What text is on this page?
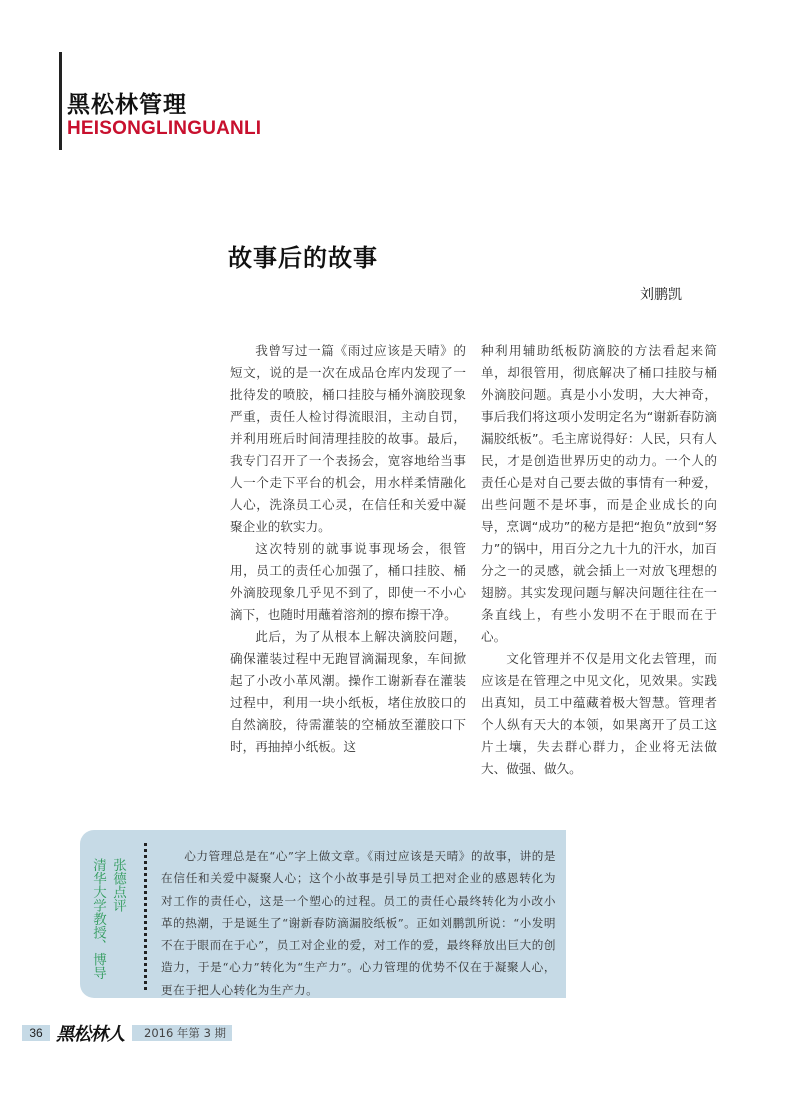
黑松林管理
HEISONGLINGUANLI
故事后的故事
刘鹏凯

我曾写过一篇《雨过应该是天晴》的短文，说的是一次在成品仓库内发现了一批待发的喷胶，桶口挂胶与桶外滴胶现象严重，责任人检讨得流眼泪，主动自罚，并利用班后时间清理挂胶的故事。最后，我专门召开了一个表扬会，宽容地给当事人一个走下平台的机会，用水样柔情融化人心，洗涤员工心灵，在信任和关爱中凝聚企业的软实力。

这次特别的就事说事现场会，很管用，员工的责任心加强了，桶口挂胶、桶外滴胶现象几乎见不到了，即使一不小心滴下，也随时用蘸着溶剂的擦布擦干净。

此后，为了从根本上解决滴胶问题，确保灌装过程中无跑冒滴漏现象，车间掀起了小改小革风潮。操作工谢新春在灌装过程中，利用一块小纸板，堵住放胶口的自然滴胶，待需灌装的空桶放至灌胶口下时，再抽掉小纸板。这

种利用辅助纸板防滴胶的方法看起来简单，却很管用，彻底解决了桶口挂胶与桶外滴胶问题。真是小小发明，大大神奇，事后我们将这项小发明定名为“谢新春防滴漏胶纸板”。毛主席说得好：人民，只有人民，才是创造世界历史的动力。一个人的责任心是对自己要去做的事情有一种爱，出些问题不是坏事，而是企业成长的向导，烹调“成功”的秘方是把“抱负”放到“努力”的锅中，用百分之九十九的汗水，加百分之一的灵感，就会插上一对放飞理想的翅膀。其实发现问题与解决问题往往在一条直线上，有些小发明不在于眼而在于心。

文化管理并不仅是用文化去管理，而应该是在管理之中见文化，见效果。实践出真知，员工中蕴藏着极大智慧。管理者个人纵有天大的本领，如果离开了员工这片土壤，失去群心群力，企业将无法做大、做强、做久。

张德点评
清华大学教授、博导

心力管理总是在“心”字上做文章。《雨过应该是天晴》的故事，讲的是在信任和关爱中凝聚人心；这个小故事是引导员工把对企业的感恩转化为对工作的责任心，这是一个塑心的过程。员工的责任心最终转化为小改小革的热潮，于是诞生了“谢新春防滴漏胶纸板”。正如刘鹏凯所说：“小发明不在于眼而在于心”，员工对企业的爱，对工作的爱，最终释放出巨大的创造力，于是“心力”转化为“生产力”。心力管理的优势不仅在于凝聚人心，更在于把人心转化为生产力。

36 黑松林人	2016 年第 3 期
